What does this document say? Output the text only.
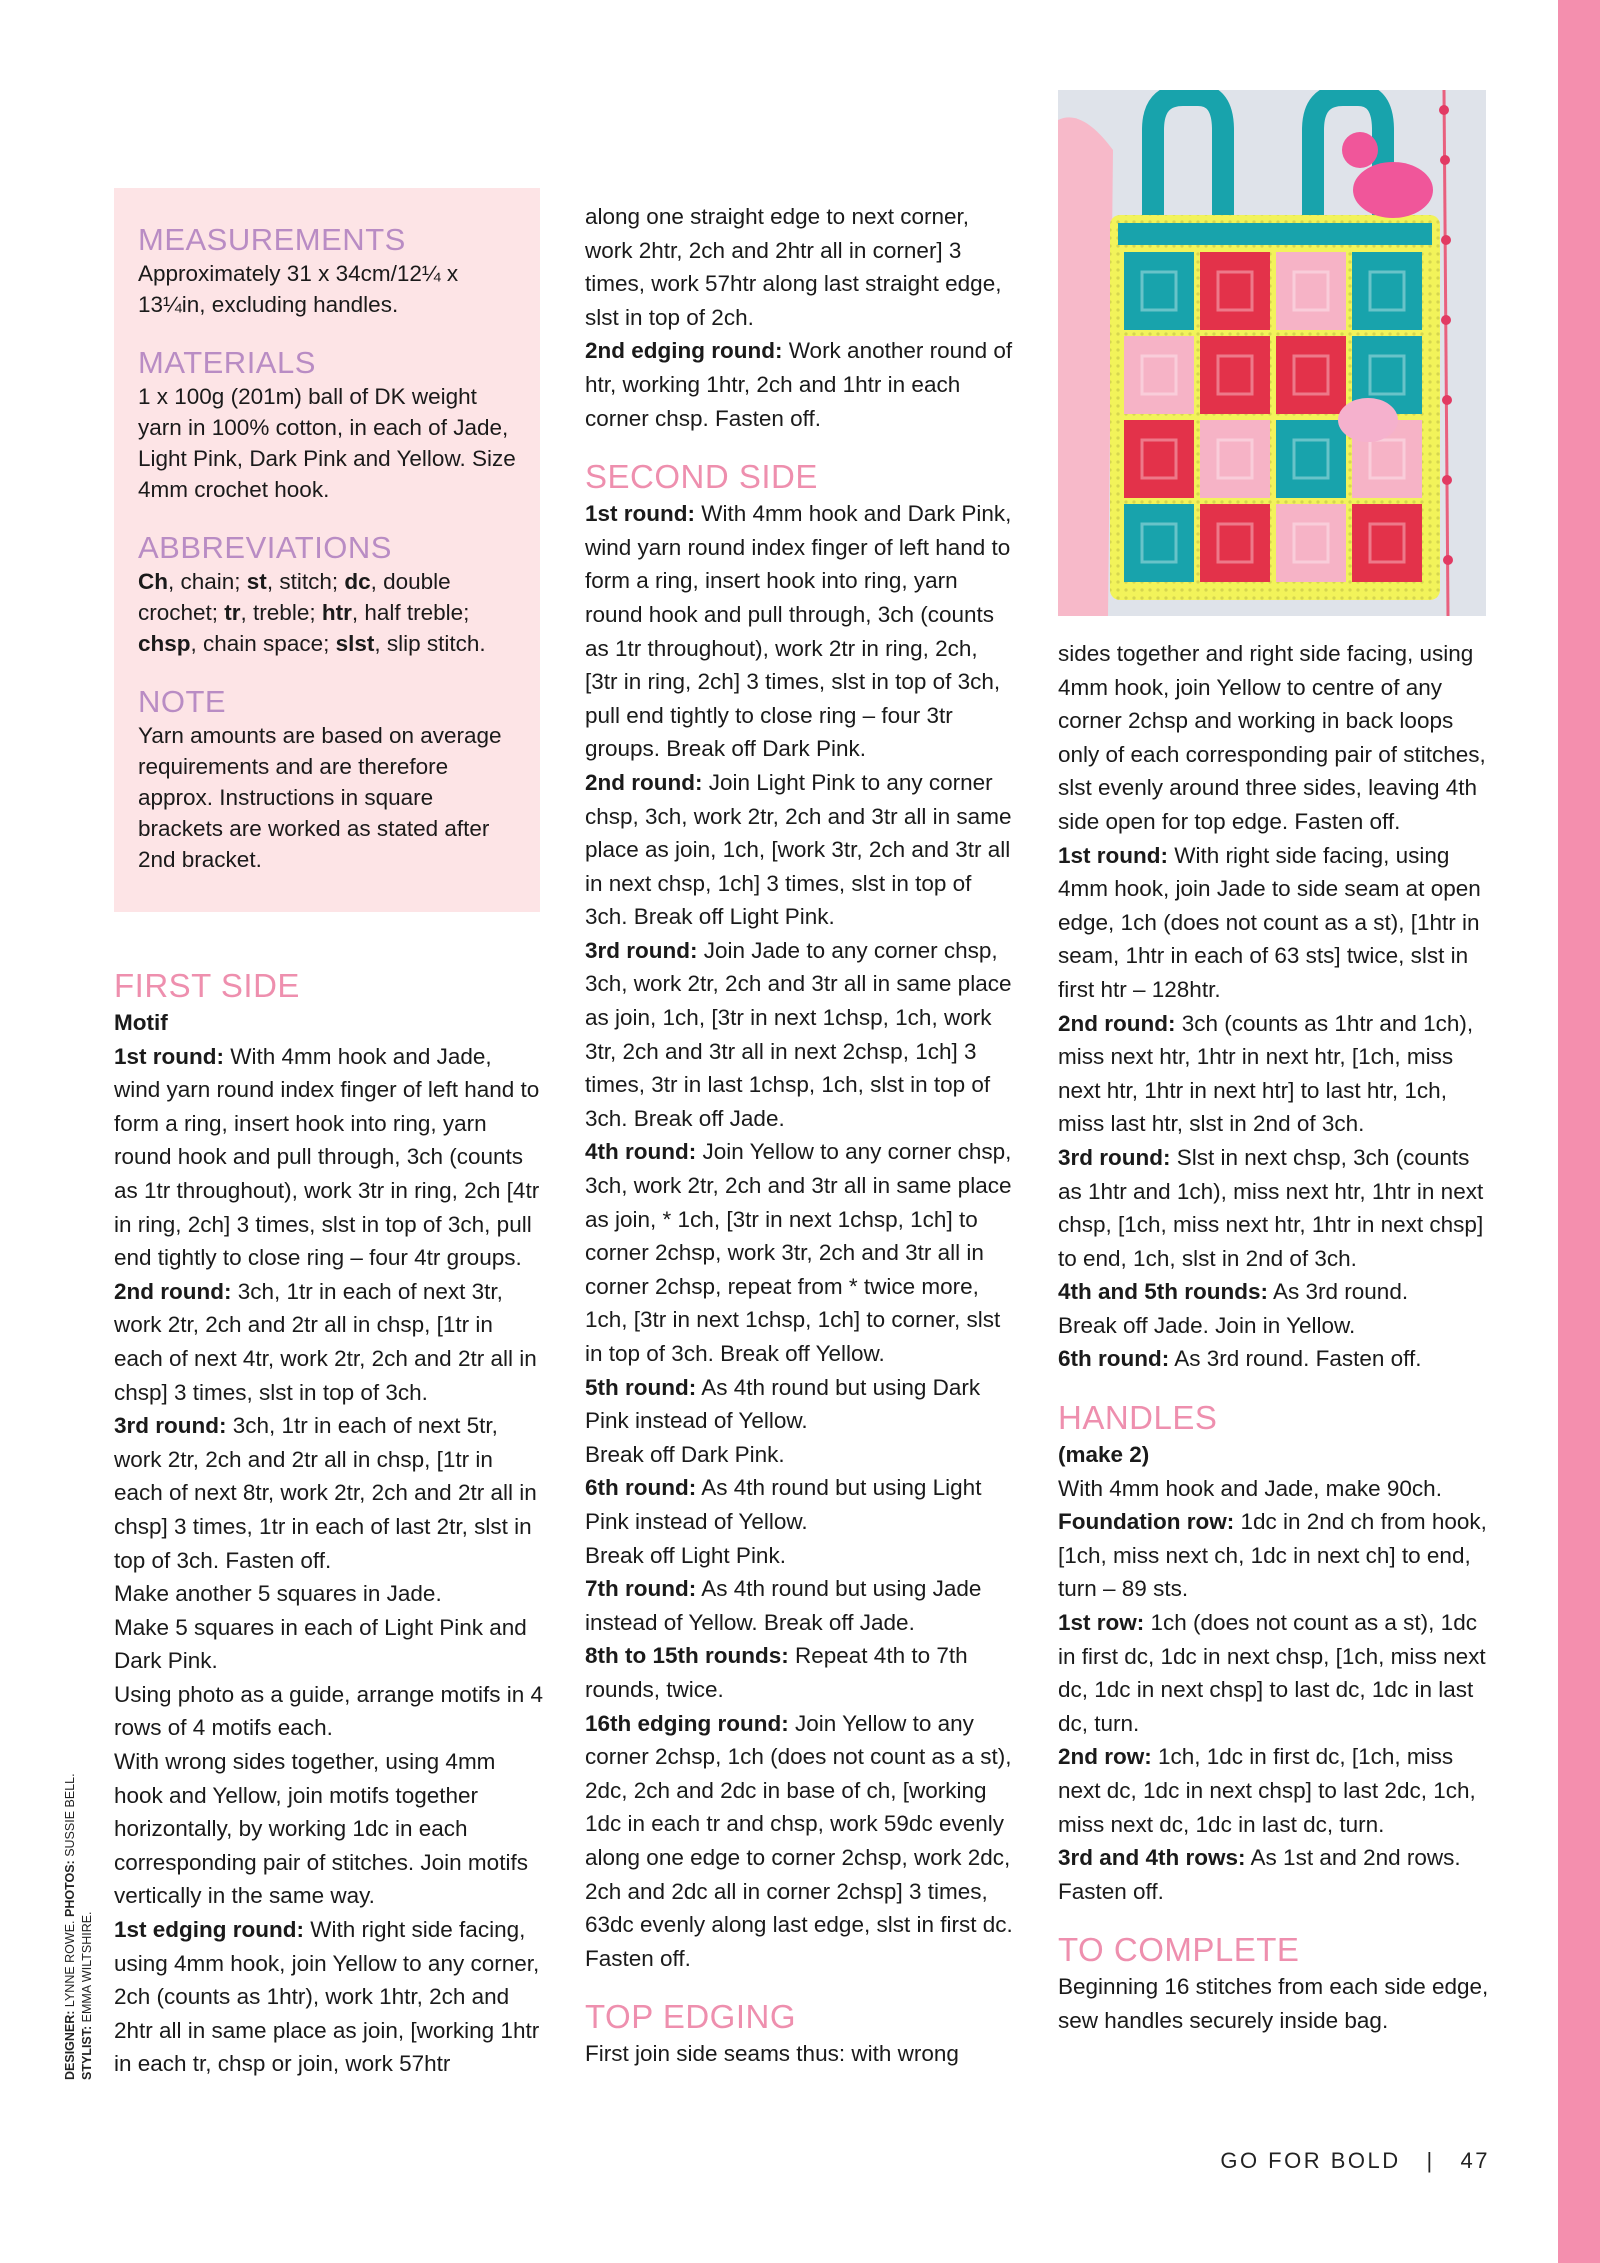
MEASUREMENTS

Approximately 31 x 34cm/12¼ x 13¼in, excluding handles.

MATERIALS

1 x 100g (201m) ball of DK weight yarn in 100% cotton, in each of Jade, Light Pink, Dark Pink and Yellow. Size 4mm crochet hook.

ABBREVIATIONS

Ch, chain; st, stitch; dc, double crochet; tr, treble; htr, half treble; chsp, chain space; slst, slip stitch.

NOTE

Yarn amounts are based on average requirements and are therefore approx. Instructions in square brackets are worked as stated after 2nd bracket.

FIRST SIDE

Motif

1st round: With 4mm hook and Jade, wind yarn round index finger of left hand to form a ring, insert hook into ring, yarn round hook and pull through, 3ch (counts as 1tr throughout), work 3tr in ring, 2ch [4tr in ring, 2ch] 3 times, slst in top of 3ch, pull end tightly to close ring – four 4tr groups.

2nd round: 3ch, 1tr in each of next 3tr, work 2tr, 2ch and 2tr all in chsp, [1tr in each of next 4tr, work 2tr, 2ch and 2tr all in chsp] 3 times, slst in top of 3ch.

3rd round: 3ch, 1tr in each of next 5tr, work 2tr, 2ch and 2tr all in chsp, [1tr in each of next 8tr, work 2tr, 2ch and 2tr all in chsp] 3 times, 1tr in each of last 2tr, slst in top of 3ch. Fasten off.

Make another 5 squares in Jade.

Make 5 squares in each of Light Pink and Dark Pink.

Using photo as a guide, arrange motifs in 4 rows of 4 motifs each.

With wrong sides together, using 4mm hook and Yellow, join motifs together horizontally, by working 1dc in each corresponding pair of stitches. Join motifs vertically in the same way.

1st edging round: With right side facing, using 4mm hook, join Yellow to any corner, 2ch (counts as 1htr), work 1htr, 2ch and 2htr all in same place as join, [working 1htr in each tr, chsp or join, work 57htr

along one straight edge to next corner, work 2htr, 2ch and 2htr all in corner] 3 times, work 57htr along last straight edge, slst in top of 2ch.

2nd edging round: Work another round of htr, working 1htr, 2ch and 1htr in each corner chsp. Fasten off.

SECOND SIDE

1st round: With 4mm hook and Dark Pink, wind yarn round index finger of left hand to form a ring, insert hook into ring, yarn round hook and pull through, 3ch (counts as 1tr throughout), work 2tr in ring, 2ch, [3tr in ring, 2ch] 3 times, slst in top of 3ch, pull end tightly to close ring – four 3tr groups. Break off Dark Pink.

2nd round: Join Light Pink to any corner chsp, 3ch, work 2tr, 2ch and 3tr all in same place as join, 1ch, [work 3tr, 2ch and 3tr all in next chsp, 1ch] 3 times, slst in top of 3ch. Break off Light Pink.

3rd round: Join Jade to any corner chsp, 3ch, work 2tr, 2ch and 3tr all in same place as join, 1ch, [3tr in next 1chsp, 1ch, work 3tr, 2ch and 3tr all in next 2chsp, 1ch] 3 times, 3tr in last 1chsp, 1ch, slst in top of 3ch. Break off Jade.

4th round: Join Yellow to any corner chsp, 3ch, work 2tr, 2ch and 3tr all in same place as join, * 1ch, [3tr in next 1chsp, 1ch] to corner 2chsp, work 3tr, 2ch and 3tr all in corner 2chsp, repeat from * twice more, 1ch, [3tr in next 1chsp, 1ch] to corner, slst in top of 3ch. Break off Yellow.

5th round: As 4th round but using Dark Pink instead of Yellow.

Break off Dark Pink.

6th round: As 4th round but using Light Pink instead of Yellow.

Break off Light Pink.

7th round: As 4th round but using Jade instead of Yellow. Break off Jade.

8th to 15th rounds: Repeat 4th to 7th rounds, twice.

16th edging round: Join Yellow to any corner 2chsp, 1ch (does not count as a st), 2dc, 2ch and 2dc in base of ch, [working 1dc in each tr and chsp, work 59dc evenly along one edge to corner 2chsp, work 2dc, 2ch and 2dc all in corner 2chsp] 3 times, 63dc evenly along last edge, slst in first dc. Fasten off.

TOP EDGING

First join side seams thus: with wrong

sides together and right side facing, using 4mm hook, join Yellow to centre of any corner 2chsp and working in back loops only of each corresponding pair of stitches, slst evenly around three sides, leaving 4th side open for top edge. Fasten off.

1st round: With right side facing, using 4mm hook, join Jade to side seam at open edge, 1ch (does not count as a st), [1htr in seam, 1htr in each of 63 sts] twice, slst in first htr – 128htr.

2nd round: 3ch (counts as 1htr and 1ch), miss next htr, 1htr in next htr, [1ch, miss next htr, 1htr in next htr] to last htr, 1ch, miss last htr, slst in 2nd of 3ch.

3rd round: Slst in next chsp, 3ch (counts as 1htr and 1ch), miss next htr, 1htr in next chsp, [1ch, miss next htr, 1htr in next chsp] to end, 1ch, slst in 2nd of 3ch.

4th and 5th rounds: As 3rd round.

Break off Jade. Join in Yellow.

6th round: As 3rd round. Fasten off.

HANDLES

(make 2)

With 4mm hook and Jade, make 90ch.

Foundation row: 1dc in 2nd ch from hook, [1ch, miss next ch, 1dc in next ch] to end, turn – 89 sts.

1st row: 1ch (does not count as a st), 1dc in first dc, 1dc in next chsp, [1ch, miss next dc, 1dc in next chsp] to last dc, 1dc in last dc, turn.

2nd row: 1ch, 1dc in first dc, [1ch, miss next dc, 1dc in next chsp] to last 2dc, 1ch, miss next dc, 1dc in last dc, turn.

3rd and 4th rows: As 1st and 2nd rows.

Fasten off.

TO COMPLETE

Beginning 16 stitches from each side edge, sew handles securely inside bag.

DESIGNER: LYNNE ROWE. PHOTOS: SUSSIE BELL.
STYLIST: EMMA WILTSHIRE.
GO FOR BOLD   |   47
